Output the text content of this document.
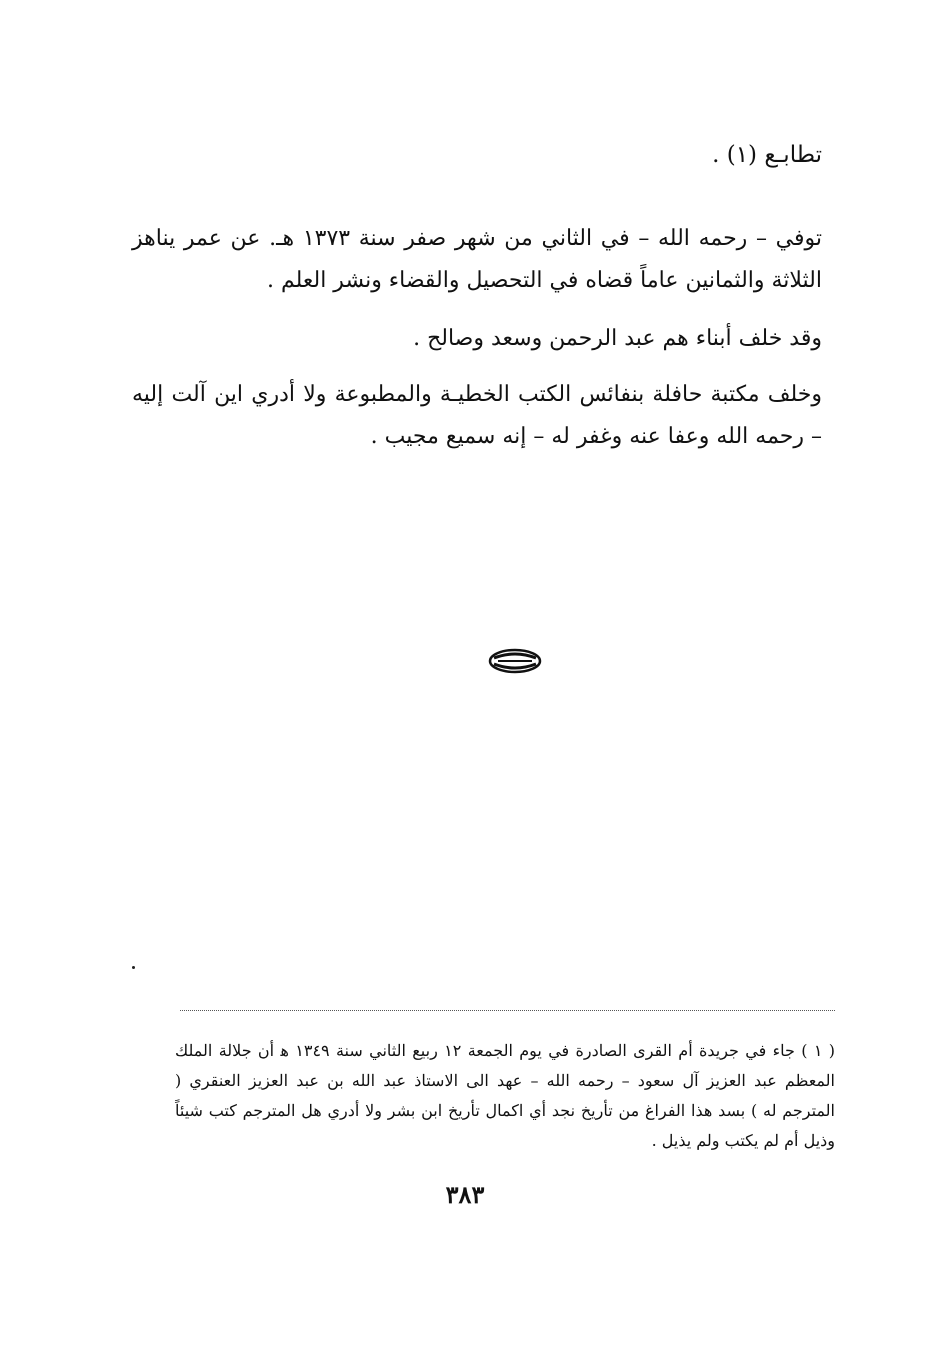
تطابـع (١) .

توفي – رحمه الله – في الثاني من شهر صفر سنة ١٣٧٣ هـ. عن عمر يناهز الثلاثة والثمانين عاماً قضاه في التحصيل والقضاء ونشر العلم .

وقد خلف أبناء هم عبد الرحمن وسعد وصالح .

وخلف مكتبة حافلة بنفائس الكتب الخطيـة والمطبوعة ولا أدري اين آلت إليه – رحمه الله وعفا عنه وغفر له – إنه سميع مجيب .

( ١ ) جاء في جريدة أم القرى الصادرة في يوم الجمعة ١٢ ربيع الثاني سنة ١٣٤٩ ﻫ أن جلالة الملك المعظم عبد العزيز آل سعود – رحمه الله – عهد الى الاستاذ عبد الله بن عبد العزيز العنقري ( المترجم له ) بسد هذا الفراغ من تأريخ نجد أي اكمال تأريخ ابن بشر ولا أدري هل المترجم كتب شيئاً وذيل أم لم يكتب ولم يذيل .

٣٨٣
